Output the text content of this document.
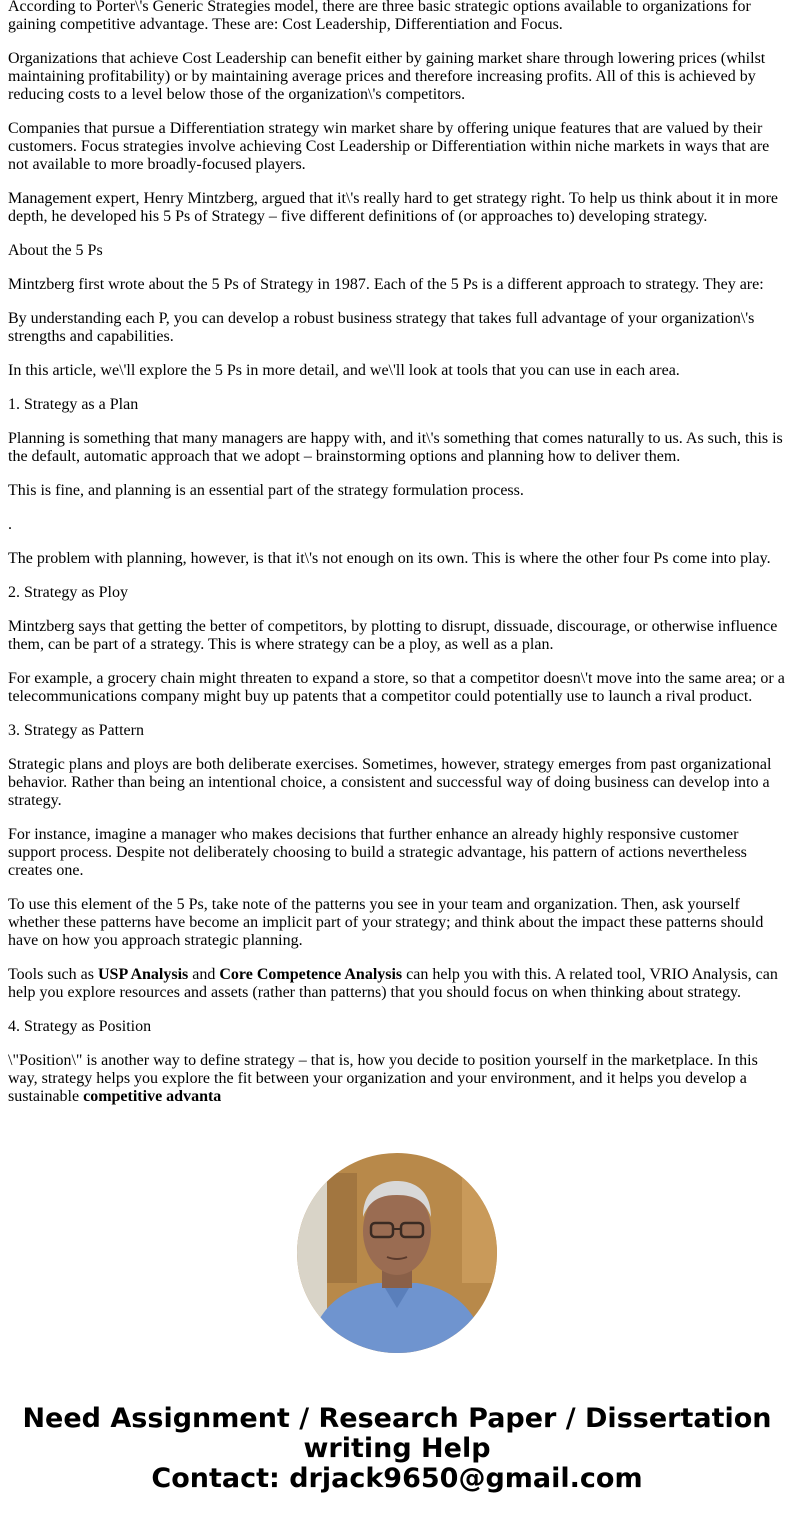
According to Porter\'s Generic Strategies model, there are three basic strategic options available to organizations for gaining competitive advantage. These are: Cost Leadership, Differentiation and Focus.

Organizations that achieve Cost Leadership can benefit either by gaining market share through lowering prices (whilst maintaining profitability) or by maintaining average prices and therefore increasing profits. All of this is achieved by reducing costs to a level below those of the organization\'s competitors.

Companies that pursue a Differentiation strategy win market share by offering unique features that are valued by their customers. Focus strategies involve achieving Cost Leadership or Differentiation within niche markets in ways that are not available to more broadly-focused players.

Management expert, Henry Mintzberg, argued that it\'s really hard to get strategy right. To help us think about it in more depth, he developed his 5 Ps of Strategy – five different definitions of (or approaches to) developing strategy.

About the 5 Ps

Mintzberg first wrote about the 5 Ps of Strategy in 1987. Each of the 5 Ps is a different approach to strategy. They are:

By understanding each P, you can develop a robust business strategy that takes full advantage of your organization\'s strengths and capabilities.

In this article, we\'ll explore the 5 Ps in more detail, and we\'ll look at tools that you can use in each area.

1. Strategy as a Plan

Planning is something that many managers are happy with, and it\'s something that comes naturally to us. As such, this is the default, automatic approach that we adopt – brainstorming options and planning how to deliver them.

This is fine, and planning is an essential part of the strategy formulation process.

.

The problem with planning, however, is that it\'s not enough on its own. This is where the other four Ps come into play.

2. Strategy as Ploy

Mintzberg says that getting the better of competitors, by plotting to disrupt, dissuade, discourage, or otherwise influence them, can be part of a strategy. This is where strategy can be a ploy, as well as a plan.

For example, a grocery chain might threaten to expand a store, so that a competitor doesn\'t move into the same area; or a telecommunications company might buy up patents that a competitor could potentially use to launch a rival product.

3. Strategy as Pattern

Strategic plans and ploys are both deliberate exercises. Sometimes, however, strategy emerges from past organizational behavior. Rather than being an intentional choice, a consistent and successful way of doing business can develop into a strategy.

For instance, imagine a manager who makes decisions that further enhance an already highly responsive customer support process. Despite not deliberately choosing to build a strategic advantage, his pattern of actions nevertheless creates one.

To use this element of the 5 Ps, take note of the patterns you see in your team and organization. Then, ask yourself whether these patterns have become an implicit part of your strategy; and think about the impact these patterns should have on how you approach strategic planning.

Tools such as USP Analysis and Core Competence Analysis can help you with this. A related tool, VRIO Analysis, can help you explore resources and assets (rather than patterns) that you should focus on when thinking about strategy.

4. Strategy as Position

\"Position\" is another way to define strategy – that is, how you decide to position yourself in the marketplace. In this way, strategy helps you explore the fit between your organization and your environment, and it helps you develop a sustainable competitive advanta

Need Assignment / Research Paper / Dissertation
writing Help
Contact: drjack9650@gmail.com
